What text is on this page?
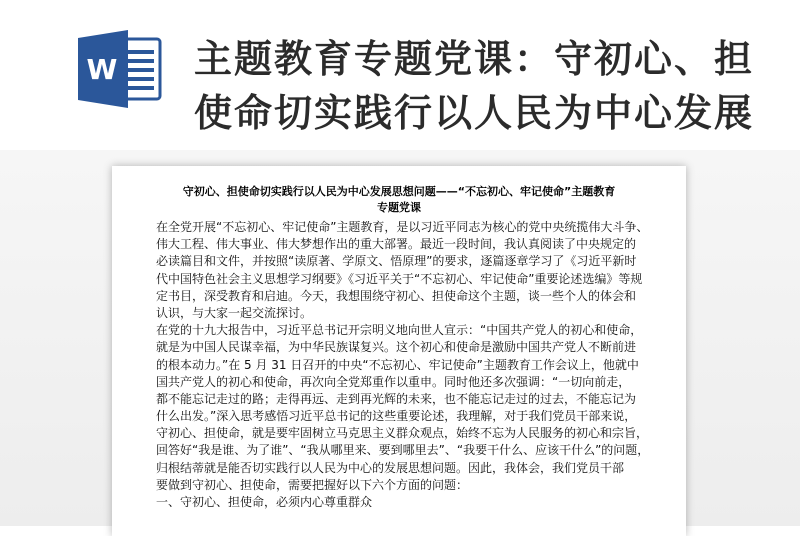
W 主题教育专题党课：守初心、担
使命切实践行以人民为中心发展
守初心、担使命切实践行以人民为中心发展思想问题——“不忘初心、牢记使命”主题教育
专题党课

在全党开展“不忘初心、牢记使命”主题教育，是以习近平同志为核心的党中央统揽伟大斗争、

伟大工程、伟大事业、伟大梦想作出的重大部署。最近一段时间，我认真阅读了中央规定的

必读篇目和文件，并按照“读原著、学原文、悟原理”的要求，逐篇逐章学习了《习近平新时

代中国特色社会主义思想学习纲要》《习近平关于“不忘初心、牢记使命”重要论述选编》等规

定书目，深受教育和启迪。今天，我想围绕守初心、担使命这个主题，谈一些个人的体会和

认识，与大家一起交流探讨。

在党的十九大报告中，习近平总书记开宗明义地向世人宣示：“中国共产党人的初心和使命，

就是为中国人民谋幸福，为中华民族谋复兴。这个初心和使命是激励中国共产党人不断前进

的根本动力。”在 5 月 31 日召开的中央“不忘初心、牢记使命”主题教育工作会议上，他就中

国共产党人的初心和使命，再次向全党郑重作以重申。同时他还多次强调：“一切向前走，

都不能忘记走过的路；走得再远、走到再光辉的未来，也不能忘记走过的过去，不能忘记为

什么出发。”深入思考感悟习近平总书记的这些重要论述，我理解，对于我们党员干部来说，

守初心、担使命，就是要牢固树立马克思主义群众观点，始终不忘为人民服务的初心和宗旨，

回答好“我是谁、为了谁”、“我从哪里来、要到哪里去”、“我要干什么、应该干什么”的问题，

归根结蒂就是能否切实践行以人民为中心的发展思想问题。因此，我体会，我们党员干部

要做到守初心、担使命，需要把握好以下六个方面的问题：

一、守初心、担使命，必须内心尊重群众
